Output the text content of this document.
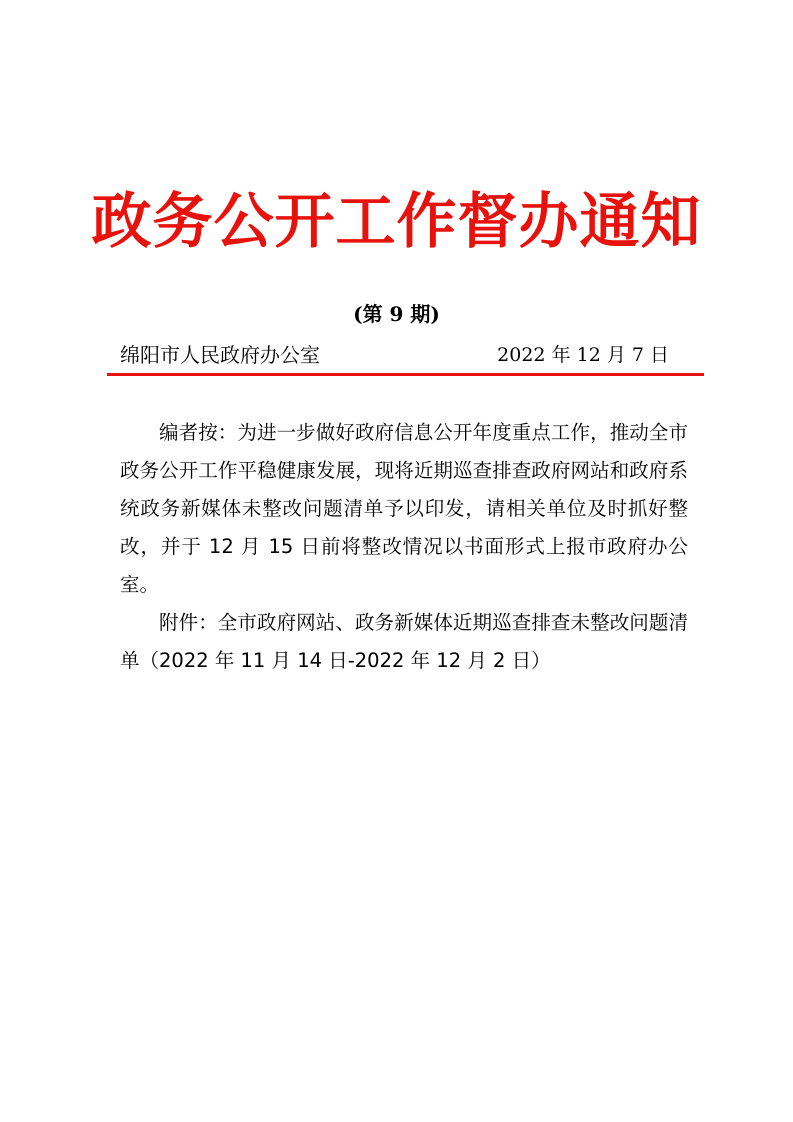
政务公开工作督办通知
(第 9 期)
绵阳市人民政府办公室	2022 年 12 月 7 日

编者按：为进一步做好政府信息公开年度重点工作，推动全市政务公开工作平稳健康发展，现将近期巡查排查政府网站和政府系统政务新媒体未整改问题清单予以印发，请相关单位及时抓好整改，并于 12 月 15 日前将整改情况以书面形式上报市政府办公室。

附件：全市政府网站、政务新媒体近期巡查排查未整改问题清单（2022 年 11 月 14 日-2022 年 12 月 2 日）
